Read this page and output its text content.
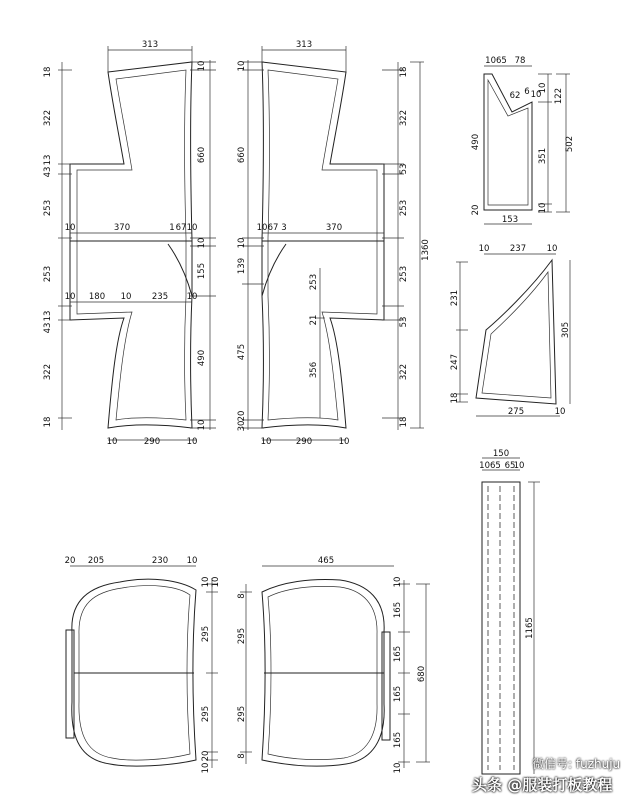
313
18
322
13
43
253
253
13
43
322
18
10
660
10
155
490
10
370	1 67 10
10
10 180 10 235 10
10	290	10
313
10
660
10
139
475
20
30
18
322
53
253
253
53
322
18
1360
10 67 3	370
253
21
356
10	290	10
1065 78
62 6 10
490
20
10
351
10
122
502
153
10 237 10
231
247
18
305
275	10
150
1065 65
10
1165
20 205	230 10
10 10
295
295
20
10
465
8
295
295
8
10
165
165
165
165
10
680
微信号: fuzhuju
头条 @服装打板教程
